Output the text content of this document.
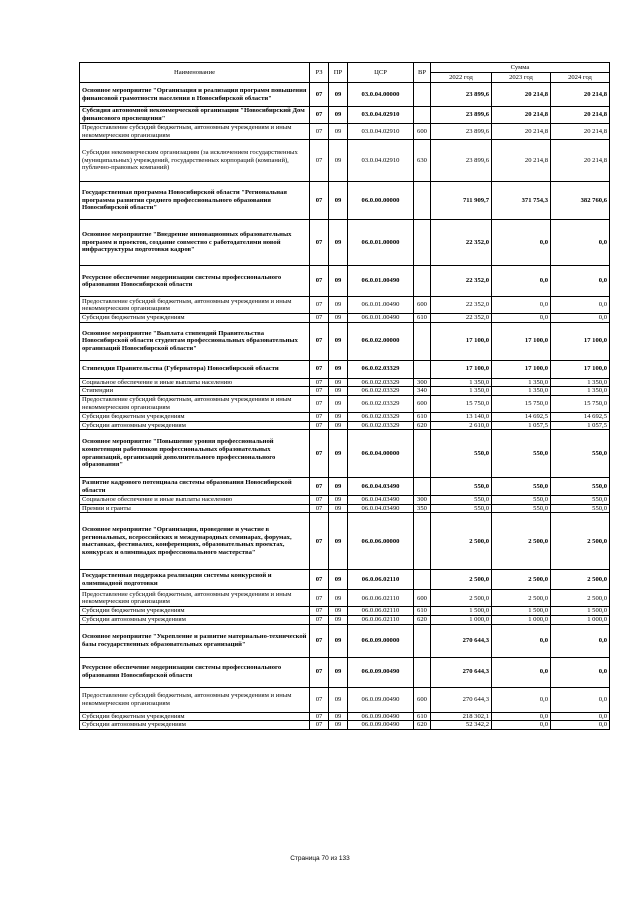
Наименование	РЗ	ПР	ЦСР	ВР	Сумма		
					2022 год	2023 год	2024 год
Основное мероприятие "Организация и реализация программ повышения финансовой грамотности населения в Новосибирской области"	07	09	03.0.04.00000		23 899,6	20 214,8	20 214,8
Субсидия автономной некоммерческой организации "Новосибирский Дом финансового просвещения"	07	09	03.0.04.02910		23 899,6	20 214,8	20 214,8
Предоставление субсидий бюджетным, автономным учреждениям и иным некоммерческим организациям	07	09	03.0.04.02910	600	23 899,6	20 214,8	20 214,8
Субсидии некоммерческим организациям (за исключением государственных (муниципальных) учреждений, государственных корпораций (компаний), публично-правовых компаний)	07	09	03.0.04.02910	630	23 899,6	20 214,8	20 214,8
Государственная программа Новосибирской области "Региональная программа развития среднего профессионального образования Новосибирской области"	07	09	06.0.00.00000		711 909,7	371 754,3	382 760,6
Основное мероприятие "Внедрение инновационных образовательных программ и проектов, создание совместно с работодателями новой инфраструктуры подготовки кадров"	07	09	06.0.01.00000		22 352,0	0,0	0,0
Ресурсное обеспечение модернизации системы профессионального образования Новосибирской области	07	09	06.0.01.00490		22 352,0	0,0	0,0
Предоставление субсидий бюджетным, автономным учреждениям и иным некоммерческим организациям	07	09	06.0.01.00490	600	22 352,0	0,0	0,0
Субсидии бюджетным учреждениям	07	09	06.0.01.00490	610	22 352,0	0,0	0,0
Основное мероприятие "Выплата стипендий Правительства Новосибирской области студентам профессиональных образовательных организаций Новосибирской области"	07	09	06.0.02.00000		17 100,0	17 100,0	17 100,0
Стипендия Правительства (Губернатора) Новосибирской области	07	09	06.0.02.03329		17 100,0	17 100,0	17 100,0
Социальное обеспечение и иные выплаты населению	07	09	06.0.02.03329	300	1 350,0	1 350,0	1 350,0
Стипендии	07	09	06.0.02.03329	340	1 350,0	1 350,0	1 350,0
Предоставление субсидий бюджетным, автономным учреждениям и иным некоммерческим организациям	07	09	06.0.02.03329	600	15 750,0	15 750,0	15 750,0
Субсидии бюджетным учреждениям	07	09	06.0.02.03329	610	13 140,0	14 692,5	14 692,5
Субсидии автономным учреждениям	07	09	06.0.02.03329	620	2 610,0	1 057,5	1 057,5
Основное мероприятие "Повышение уровня профессиональной компетенции работников профессиональных образовательных организаций, организаций дополнительного профессионального образования"	07	09	06.0.04.00000		550,0	550,0	550,0
Развитие кадрового потенциала системы образования Новосибирской области	07	09	06.0.04.03490		550,0	550,0	550,0
Социальное обеспечение и иные выплаты населению	07	09	06.0.04.03490	300	550,0	550,0	550,0
Премии и гранты	07	09	06.0.04.03490	350	550,0	550,0	550,0
Основное мероприятие "Организация, проведение и участие в региональных, всероссийских и международных семинарах, форумах, выставках, фестивалях, конференциях, образовательных проектах, конкурсах и олимпиадах профессионального мастерства"	07	09	06.0.06.00000		2 500,0	2 500,0	2 500,0
Государственная поддержка реализации системы конкурсной и олимпиадной подготовки	07	09	06.0.06.02110		2 500,0	2 500,0	2 500,0
Предоставление субсидий бюджетным, автономным учреждениям и иным некоммерческим организациям	07	09	06.0.06.02110	600	2 500,0	2 500,0	2 500,0
Субсидии бюджетным учреждениям	07	09	06.0.06.02110	610	1 500,0	1 500,0	1 500,0
Субсидии автономным учреждениям	07	09	06.0.06.02110	620	1 000,0	1 000,0	1 000,0
Основное мероприятие "Укрепление и развитие материально-технической базы государственных образовательных организаций"	07	09	06.0.09.00000		270 644,3	0,0	0,0
Ресурсное обеспечение модернизации системы профессионального образования Новосибирской области	07	09	06.0.09.00490		270 644,3	0,0	0,0
Предоставление субсидий бюджетным, автономным учреждениям и иным некоммерческим организациям	07	09	06.0.09.00490	600	270 644,3	0,0	0,0
Субсидии бюджетным учреждениям	07	09	06.0.09.00490	610	218 302,1	0,0	0,0
Субсидии автономным учреждениям	07	09	06.0.09.00490	620	52 342,2	0,0	0,0
Страница 70 из 133
